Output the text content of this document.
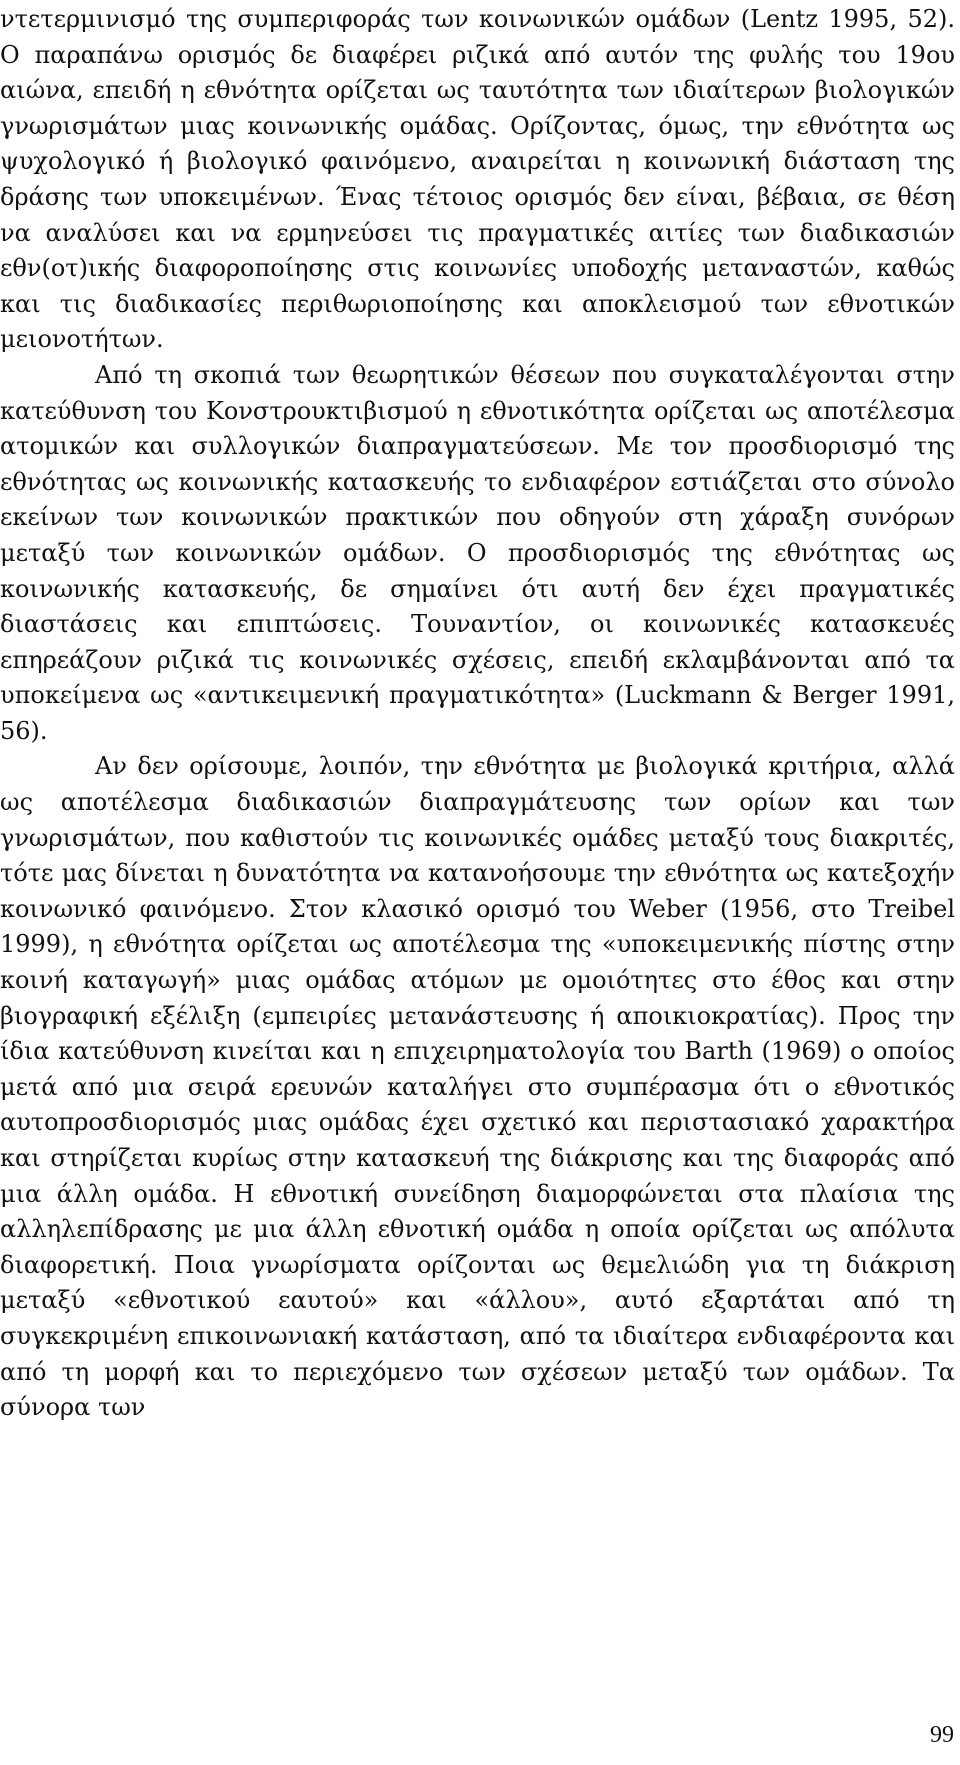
ντετερμινισμό της συμπεριφοράς των κοινωνικών ομάδων (Lentz 1995, 52). Ο παραπάνω ορισμός δε διαφέρει ριζικά από αυτόν της φυλής του 19ου αιώνα, επειδή η εθνότητα ορίζεται ως ταυτότητα των ιδιαίτερων βιολογικών γνωρισμάτων μιας κοινωνικής ομάδας. Ορίζοντας, όμως, την εθνότητα ως ψυχολογικό ή βιολογικό φαινόμενο, αναιρείται η κοινωνική διάσταση της δράσης των υποκειμένων. Ένας τέτοιος ορισμός δεν είναι, βέβαια, σε θέση να αναλύσει και να ερμηνεύσει τις πραγματικές αιτίες των διαδικασιών εθν(οτ)ικής διαφοροποίησης στις κοινωνίες υποδοχής μεταναστών, καθώς και τις διαδικασίες περιθωριοποίησης και αποκλεισμού των εθνοτικών μειονοτήτων.

Από τη σκοπιά των θεωρητικών θέσεων που συγκαταλέγονται στην κατεύθυνση του Κονστρουκτιβισμού η εθνοτικότητα ορίζεται ως αποτέλεσμα ατομικών και συλλογικών διαπραγματεύσεων. Με τον προσδιορισμό της εθνότητας ως κοινωνικής κατασκευής το ενδιαφέρον εστιάζεται στο σύνολο εκείνων των κοινωνικών πρακτικών που οδηγούν στη χάραξη συνόρων μεταξύ των κοινωνικών ομάδων. Ο προσδιορισμός της εθνότητας ως κοινωνικής κατασκευής, δε σημαίνει ότι αυτή δεν έχει πραγματικές διαστάσεις και επιπτώσεις. Τουναντίον, οι κοινωνικές κατασκευές επηρεάζουν ριζικά τις κοινωνικές σχέσεις, επειδή εκλαμβάνονται από τα υποκείμενα ως «αντικειμενική πραγματικότητα» (Luckmann & Berger 1991, 56).

Αν δεν ορίσουμε, λοιπόν, την εθνότητα με βιολογικά κριτήρια, αλλά ως αποτέλεσμα διαδικασιών διαπραγμάτευσης των ορίων και των γνωρισμάτων, που καθιστούν τις κοινωνικές ομάδες μεταξύ τους διακριτές, τότε μας δίνεται η δυνατότητα να κατανοήσουμε την εθνότητα ως κατεξοχήν κοινωνικό φαινόμενο. Στον κλασικό ορισμό του Weber (1956, στο Treibel 1999), η εθνότητα ορίζεται ως αποτέλεσμα της «υποκειμενικής πίστης στην κοινή καταγωγή» μιας ομάδας ατόμων με ομοιότητες στο έθος και στην βιογραφική εξέλιξη (εμπειρίες μετανάστευσης ή αποικιοκρατίας). Προς την ίδια κατεύθυνση κινείται και η επιχειρηματολογία του Barth (1969) ο οποίος μετά από μια σειρά ερευνών καταλήγει στο συμπέρασμα ότι ο εθνοτικός αυτοπροσδιορισμός μιας ομάδας έχει σχετικό και περιστασιακό χαρακτήρα και στηρίζεται κυρίως στην κατασκευή της διάκρισης και της διαφοράς από μια άλλη ομάδα. Η εθνοτική συνείδηση διαμορφώνεται στα πλαίσια της αλληλεπίδρασης με μια άλλη εθνοτική ομάδα η οποία ορίζεται ως απόλυτα διαφορετική. Ποια γνωρίσματα ορίζονται ως θεμελιώδη για τη διάκριση μεταξύ «εθνοτικού εαυτού» και «άλλου», αυτό εξαρτάται από τη συγκεκριμένη επικοινωνιακή κατάσταση, από τα ιδιαίτερα ενδιαφέροντα και από τη μορφή και το περιεχόμενο των σχέσεων μεταξύ των ομάδων. Τα σύνορα των

99
